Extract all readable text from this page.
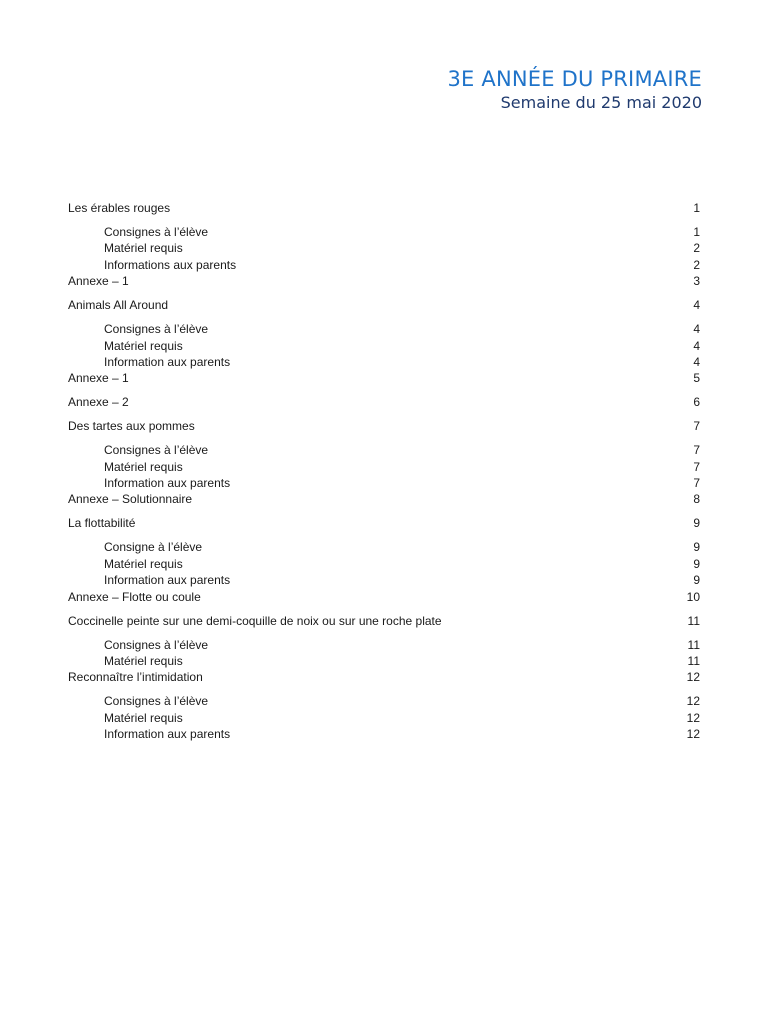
3E ANNÉE DU PRIMAIRE
Semaine du 25 mai 2020
Les érables rouges	1
Consignes à l’élève	1
Matériel requis	2
Informations aux parents	2
Annexe – 1	3
Animals All Around	4
Consignes à l’élève	4
Matériel requis	4
Information aux parents	4
Annexe – 1	5
Annexe – 2	6
Des tartes aux pommes	7
Consignes à l’élève	7
Matériel requis	7
Information aux parents	7
Annexe – Solutionnaire	8
La flottabilité	9
Consigne à l’élève	9
Matériel requis	9
Information aux parents	9
Annexe – Flotte ou coule	10
Coccinelle peinte sur une demi-coquille de noix ou sur une roche plate	11
Consignes à l’élève	11
Matériel requis	11
Reconnaître l’intimidation	12
Consignes à l’élève	12
Matériel requis	12
Information aux parents	12
